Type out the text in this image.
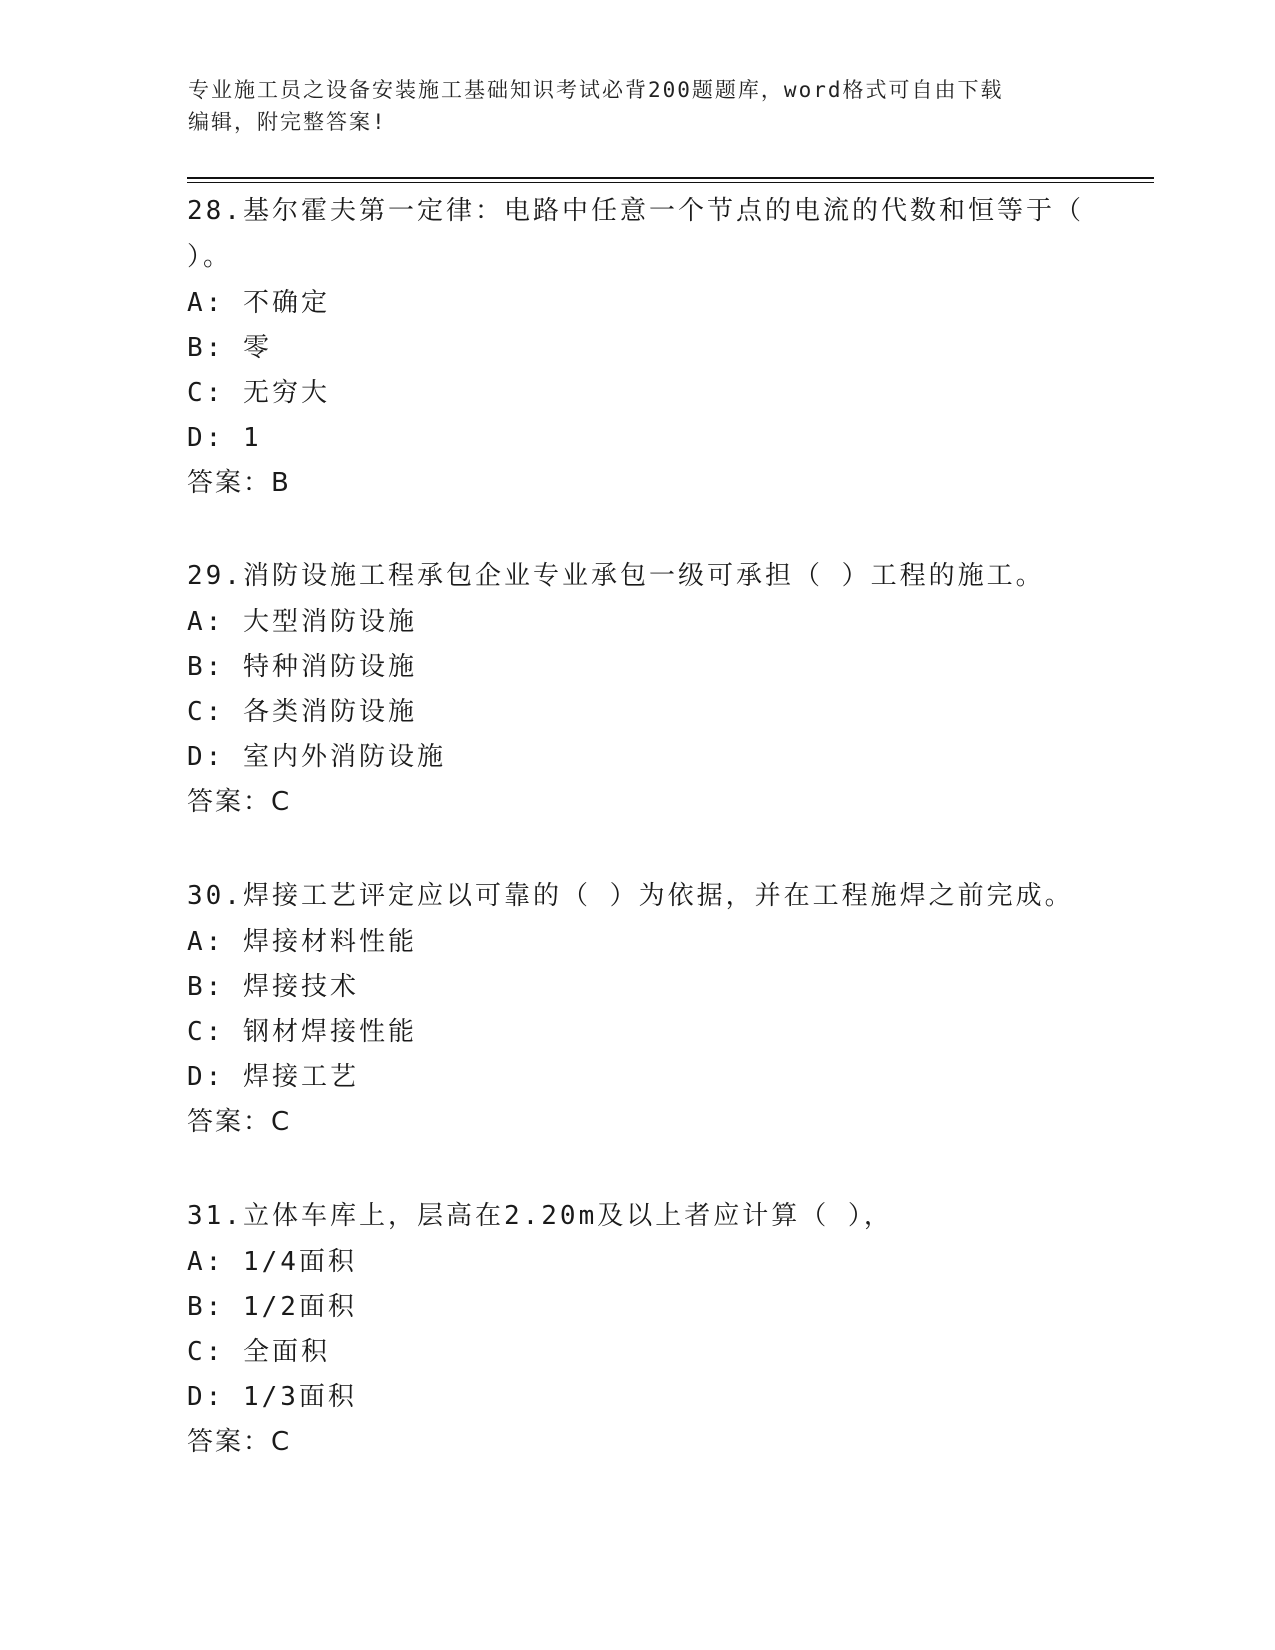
专业施工员之设备安装施工基础知识考试必背200题题库，word格式可自由下载
编辑，附完整答案!
28.基尔霍夫第一定律：电路中任意一个节点的电流的代数和恒等于（
）。
A: 不确定
B: 零
C: 无穷大
D: 1
答案：B
29.消防设施工程承包企业专业承包一级可承担（ ）工程的施工。
A: 大型消防设施
B: 特种消防设施
C: 各类消防设施
D: 室内外消防设施
答案：C
30.焊接工艺评定应以可靠的（ ）为依据，并在工程施焊之前完成。
A: 焊接材料性能
B: 焊接技术
C: 钢材焊接性能
D: 焊接工艺
答案：C
31.立体车库上，层高在2.20m及以上者应计算（ ），
A: 1/4面积
B: 1/2面积
C: 全面积
D: 1/3面积
答案：C
